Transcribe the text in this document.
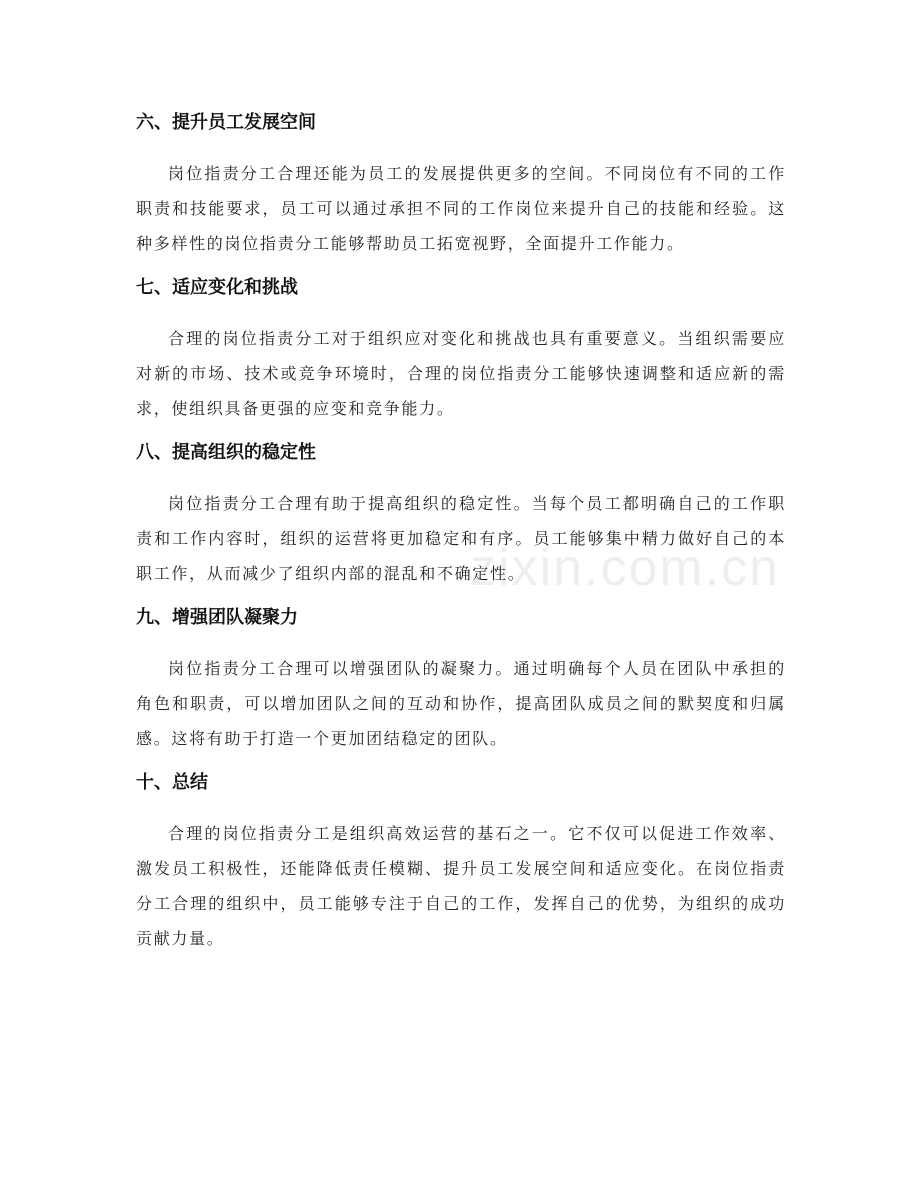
六、提升员工发展空间

岗位指责分工合理还能为员工的发展提供更多的空间。不同岗位有不同的工作职责和技能要求，员工可以通过承担不同的工作岗位来提升自己的技能和经验。这种多样性的岗位指责分工能够帮助员工拓宽视野，全面提升工作能力。

七、适应变化和挑战

合理的岗位指责分工对于组织应对变化和挑战也具有重要意义。当组织需要应对新的市场、技术或竞争环境时，合理的岗位指责分工能够快速调整和适应新的需求，使组织具备更强的应变和竞争能力。

八、提高组织的稳定性

岗位指责分工合理有助于提高组织的稳定性。当每个员工都明确自己的工作职责和工作内容时，组织的运营将更加稳定和有序。员工能够集中精力做好自己的本职工作，从而减少了组织内部的混乱和不确定性。

九、增强团队凝聚力

岗位指责分工合理可以增强团队的凝聚力。通过明确每个人员在团队中承担的角色和职责，可以增加团队之间的互动和协作，提高团队成员之间的默契度和归属感。这将有助于打造一个更加团结稳定的团队。

十、总结

合理的岗位指责分工是组织高效运营的基石之一。它不仅可以促进工作效率、激发员工积极性，还能降低责任模糊、提升员工发展空间和适应变化。在岗位指责分工合理的组织中，员工能够专注于自己的工作，发挥自己的优势，为组织的成功贡献力量。

zixin.com.cn
